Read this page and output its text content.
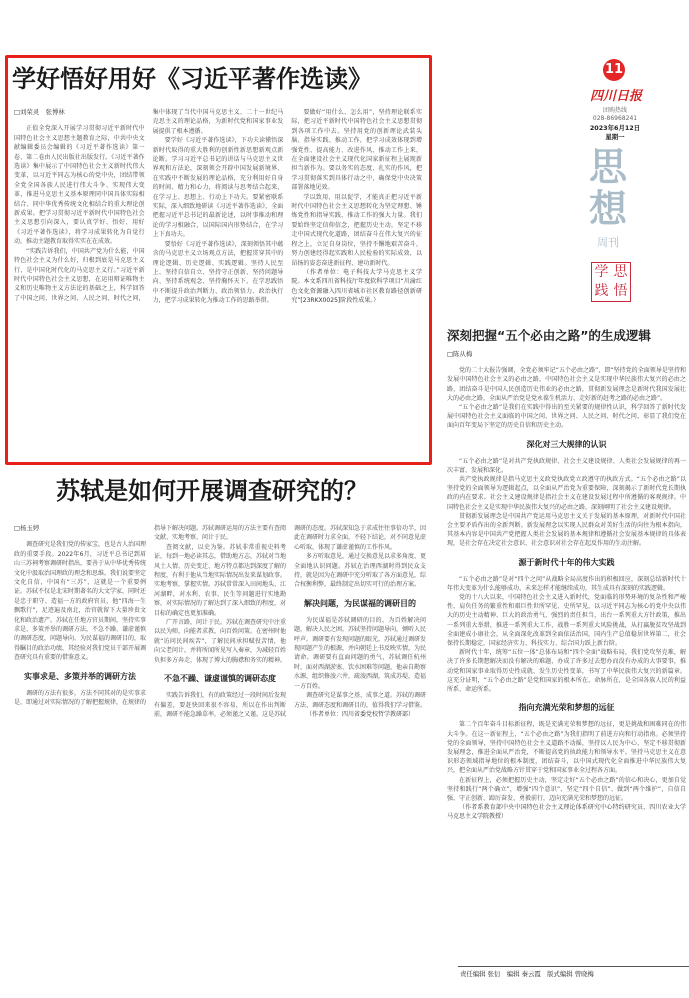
学好悟好用好《习近平著作选读》

□刘荣灵　张博林

正值全党深入开展学习贯彻习近平新时代中国特色社会主义思想主题教育之际，中共中央文献编辑委员会编辑的《习近平著作选读》第一卷、第二卷由人民出版社出版发行。《习近平著作选读》集中展示了中国特色社会主义新时代伟大变革，以习近平同志为核心的党中央，团结带领全党全国各族人民进行伟大斗争、实现伟大变革，推进马克思主义基本原理同中国具体实际相结合、同中华优秀传统文化相结合的重大理论创新成果。把学习贯彻习近平新时代中国特色社会主义思想引向深入，要认真学好、悟好、用好《习近平著作选读》，将学习成果转化为自觉行动，推动主题教育取得实实在在成效。

“实践告诉我们，中国共产党为什么能，中国特色社会主义为什么好，归根到底是马克思主义行，是中国化时代化的马克思主义行。”习近平新时代中国特色社会主义思想，在运用辩证唯物主义和历史唯物主义方法论的基础之上，科学回答了中国之问、世界之问、人民之问、时代之问，集中体现了当代中国马克思主义、二十一世纪马克思主义的理论品格，为新时代党和国家事业发展提供了根本遵循。

要学好《习近平著作选读》，下功夫读懂悟深新时代取得的重大胜利的创新性新思想新观点新论断。学习习近平总书记的讲话与马克思主义世界观和方法论，深刻领会开辟中国发展新境界、在实践中不断发展的理论品格，充分利用好自身的时间、精力和心力，将阅读与思考结合起来，在学习上、思想上、行动上下功夫。要紧密联系实际，深入细致地研读《习近平著作选读》，全面把握习近平总书记的最新论述，以时事推动和理论的学习相融合，以国际国内形势结合，在学习上下真功夫。

要悟好《习近平著作选读》，深刻领悟其中蕴含的马克思主义立场观点方法，把握贯穿其中的理论逻辑、历史逻辑、实践逻辑。坚持人民至上、坚持自信自立、坚持守正创新、坚持问题导向、坚持系统观念、坚持胸怀天下，在学思践悟中不断提升政治判断力、政治领悟力、政治执行力，把学习成果转化为推动工作的思路举措。

要做好“用什么、怎么用”，坚持理论联系实际，把习近平新时代中国特色社会主义思想贯彻到各项工作中去。坚持用党的创新理论武装头脑、指导实践、推动工作，把学习成效体现到增强党性、提高能力、改进作风、推动工作上来，在全面建设社会主义现代化国家新征程上展现新担当新作为。要以务实的态度、扎实的作风，把学习贯彻落实到具体行动之中，确保党中央决策部署落地见效。

学以致用、用以促学，才能真正把习近平新时代中国特色社会主义思想转化为坚定理想、锤炼党性和指导实践、推动工作的强大力量。我们要始终坚定信仰信念，把握历史主动，坚定不移走中国式现代化道路，团结奋斗在伟大复兴的征程之上，立足自身岗位，坚持不懈地艰苦奋斗，努力创建经得起实践和人民检验的实际成效，以昂扬的姿态奋进新征程、建功新时代。

（作者单位：电子科技大学马克思主义学院。本文系四川省科技厅年度软科学项目“川渝红色文化资源融入四川省城市社区教育路径创新研究”[23RKX0025]阶段性成果。）

苏轼是如何开展调查研究的？

□杨玉婷

调查研究是我们党的传家宝，也是古人治国理政的重要手段。2022年6月，习近平总书记到眉山三苏祠考察调研时指出，要善于从中华优秀传统文化中汲取治国理政的理念和思维。我们说要坚定文化自信，中国有“三苏”，这就是一个重要例证。苏轼不仅是北宋时期著名的大文学家，同时还是忠于职守、造福一方的政府官员，他“四海一生飘歌行”，足迹遍及南北，治官就留下大量珍贵文化和政治遗产。苏轼在任地方官员期间，坚持实事求是、多策并举的调研方法，不急不躁、谦虚谨慎的调研态度，问题导向、为民谋福的调研目的，取得瞩目的政治功绩，其经验对我们党员干部开展调查研究具有重要的借鉴意义。

实事求是、多策并举的调研方法

调研的方法有很多，方法不同其对的是实事求是，即通过对实际情况的了解把握规律，在规律的指导下解决问题。苏轼调研运用的方法主要有查阅文献、实地考察、问计于民。

查阅文献，以史为鉴。苏轼非常重视史料考证，每到一地必读其志，借助地方志，苏轼对当地风土人情、历史变迁、地方特点都达到深度了解的程度，有利于他从当地实际情况出发来谋划政事。实地考察，掌握实情。苏轼常常深入田间地头、江河湖畔，对水利、农事、民生等问题进行实地勘察，对实际情况的了解达到了深入细致的程度，对目标的确定也更加准确。

广开言路，问计于民。苏轼在调查研究中注重以民为师，向能者求教，向百姓问策。在密州时他就“访问民间疾苦”，了解民间承担赋役苦情，他向父老问计，并将所闻所见写入奏章，为减轻百姓负担多方奔走，体现了博大的胸襟和务实的精神。

不急不躁、谦虚谨慎的调研态度

实践告诉我们，有的政策经过一段时间后发现有偏差，要赶快回来很不容易，所以在作出判断前，调研不能急躁草率，必须谨之又谨。这是苏轼调研的态度。苏轼深知急于求成往往事倍功半，因此在调研时力求全面，不轻下结论，对不同意见虚心听取，体现了谦虚谨慎的工作作风。

多方听取意见，通过交换意见以求多角度、更全面地认识问题。苏轼在治理西湖时得到民众支持，就是因为在调研中充分听取了各方面意见，综合权衡利弊，最终制定出切实可行的治理方案。

解决问题，为民谋福的调研目的

为民谋福是苏轼调研的目的，为百姓解决问题，解决人民之困，苏轼坚持问题导向，倾听人民呼声。调研要有发现问题的眼光，苏轼通过调研发现问题产生的根源，并向朝廷上书反映实情，为民请命。调研要有直面问题的勇气，苏轼调任杭州时，面对西湖淤塞、饮水困难等问题，他亲自勘察水源，组织修浚六井，疏浚西湖，筑成苏堤，造福一方百姓。

调查研究是谋事之基、成事之道。苏轼的调研方法、调研态度和调研目的，值得我们学习借鉴。

（作者单位：四川省委党校哲学教研部）

11
四川日报
团购热线
028-86968241
2023年6月12日
星期一
思想
周刊
学 思
践 悟
深刻把握“五个必由之路”的生成逻辑

□陈从梅

党的二十大报告强调，全党必须牢记“五个必由之路”，即“坚持党的全面领导是坚持和发展中国特色社会主义的必由之路，中国特色社会主义是实现中华民族伟大复兴的必由之路，团结奋斗是中国人民创造历史伟业的必由之路，贯彻新发展理念是新时代我国发展壮大的必由之路，全面从严治党是党永葆生机活力、走好新的赶考之路的必由之路”。

“五个必由之路”是我们在实践中得出的至关紧要的规律性认识，科学回答了新时代发展中国特色社会主义面临的中国之问、世界之问、人民之问、时代之问，彰显了我们党在面向百年变局下坚定的历史自信和历史主动。

深化对三大规律的认识

“五个必由之路”是对共产党执政规律、社会主义建设规律、人类社会发展规律的再一次丰富、发展和深化。

共产党执政规律是指马克思主义政党执政党立政遵守的执政方式。“五个必由之路”以坚持党的全面领导为逻辑起点，以全面从严治党为重要保障，深刻揭示了新时代党长期执政的内在要求。社会主义建设规律是指社会主义在建设发展过程中所遵循的客观规律。中国特色社会主义是实现中华民族伟大复兴的必由之路，深刻阐明了社会主义建设规律。

贯彻新发展理念是中国共产党运用马克思主义关于发展的基本原理，对新时代中国社会主要矛盾作出的全新判断。新发展理念以实现人民群众对美好生活的向往为根本指向，其基本内容是中国共产党把握人类社会发展的基本规律和遵循社会发展基本规律的具体表现，是社会存在决定社会意识、社会意识对社会存在起反作用的生动注解。

源于新时代十年的伟大实践

“五个必由之路”是对“四个之问”从战略全局高度作出的积极回应，深刻总结新时代十年伟大变革为什么能够成功、未来怎样才能继续成功，其生成具有深刻的实践逻辑。

党的十八大以来，中国特色社会主义进入新时代，党面临的形势环境的复杂性和严峻性、肩负任务的繁重性和艰巨性世所罕见、史所罕见，以习近平同志为核心的党中央以伟大的历史主动精神、巨大的政治勇气、强烈的责任担当，出台一系列重大方针政策，推出一系列重大举措，推进一系列重大工作，战胜一系列重大风险挑战，从打赢脱贫攻坚战到全面建成小康社会，从全面深化改革到全面依法治国，国内生产总值稳居世界第二，社会保持长期稳定，国家经济实力、科技实力、综合国力跃上新台阶。

新时代十年，统筹“五位一体”总体布局和“四个全面”战略布局，我们党攻坚克难，解决了许多长期想解决而没有解决的难题，办成了许多过去想办而没有办成的大事要事，推动党和国家事业取得历史性成就、发生历史性变革，书写了中华民族伟大复兴的新篇章。这充分证明，“五个必由之路”是党和国家的根本所在、命脉所在，是全国各族人民的利益所系、命运所系。

指向充满光荣和梦想的远征

第二个百年奋斗目标新征程，既是充满光荣和梦想的远征，更是挑战和困难同在的伟大斗争。在这一新征程上，“五个必由之路”为我们指明了前进方向和行动指南。必须坚持党的全面领导，坚持中国特色社会主义道路不动摇，坚持以人民为中心，坚定不移贯彻新发展理念，推进全面从严治党，不断提高党的执政能力和领导水平。坚持马克思主义在意识形态领域指导地位的根本制度，团结奋斗，以中国式现代化全面推进中华民族伟大复兴，把全面从严治党战略方针贯穿于党和国家事业全过程各方面。

在新征程上，必须把握历史主动，坚定走好“五个必由之路”的信心和决心，更加自觉坚持和践行“两个确立”，增强“四个意识”、坚定“四个自信”、做到“两个维护”，自信自强、守正创新、踔厉奋发、勇毅前行，迈向充满光荣和梦想的远征。

（作者系教育部中央中国特色社会主义理论体系研究中心特约研究员、四川农业大学马克思主义学院教授）

责任编辑 张衍　编辑 秦云霞　版式编辑 曾晓梅
